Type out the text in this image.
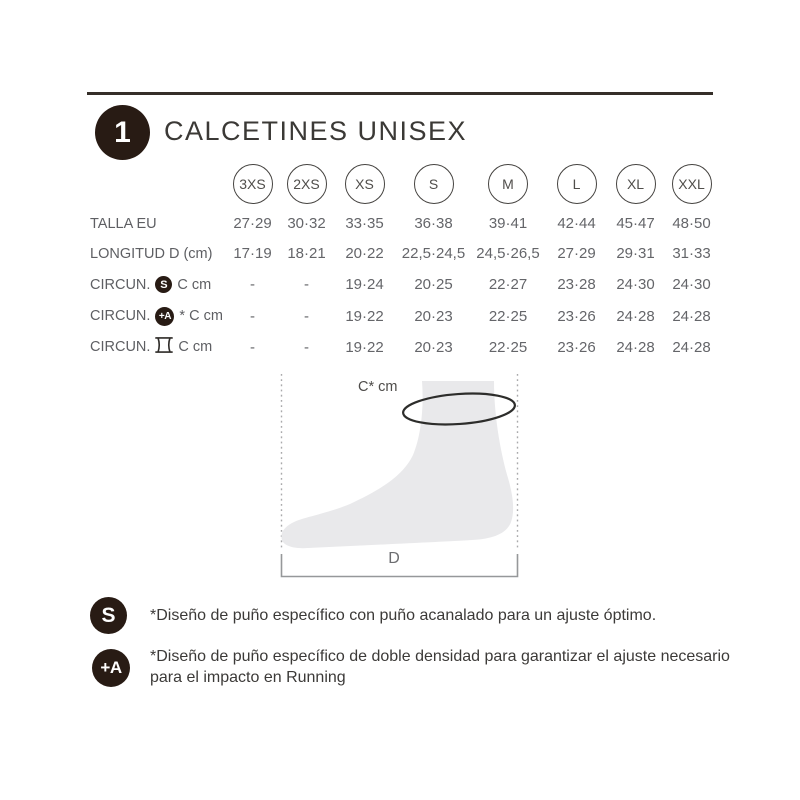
1 CALCETINES UNISEX

3XS	2XS	XS	S	M	L	XL	XXL

TALLA EU	27·29	30·32	33·35	36·38	39·41	42·44	45·47	48·50

LONGITUD D (cm)	17·19	18·21	20·22	22,5·24,5	24,5·26,5	27·29	29·31	31·33

CIRCUN. S C cm	-	-	19·24	20·25	22·27	23·28	24·30	24·30

CIRCUN. +A * C cm	-	-	19·22	20·23	22·25	23·26	24·28	24·28

CIRCUN. C cm	-	-	19·22	20·23	22·25	23·26	24·28	24·28
C* cm
D
S	*Diseño de puño específico con puño acanalado para un ajuste óptimo.
+A
*Diseño de puño específico de doble densidad para garantizar el ajuste necesario para el impacto en Running
